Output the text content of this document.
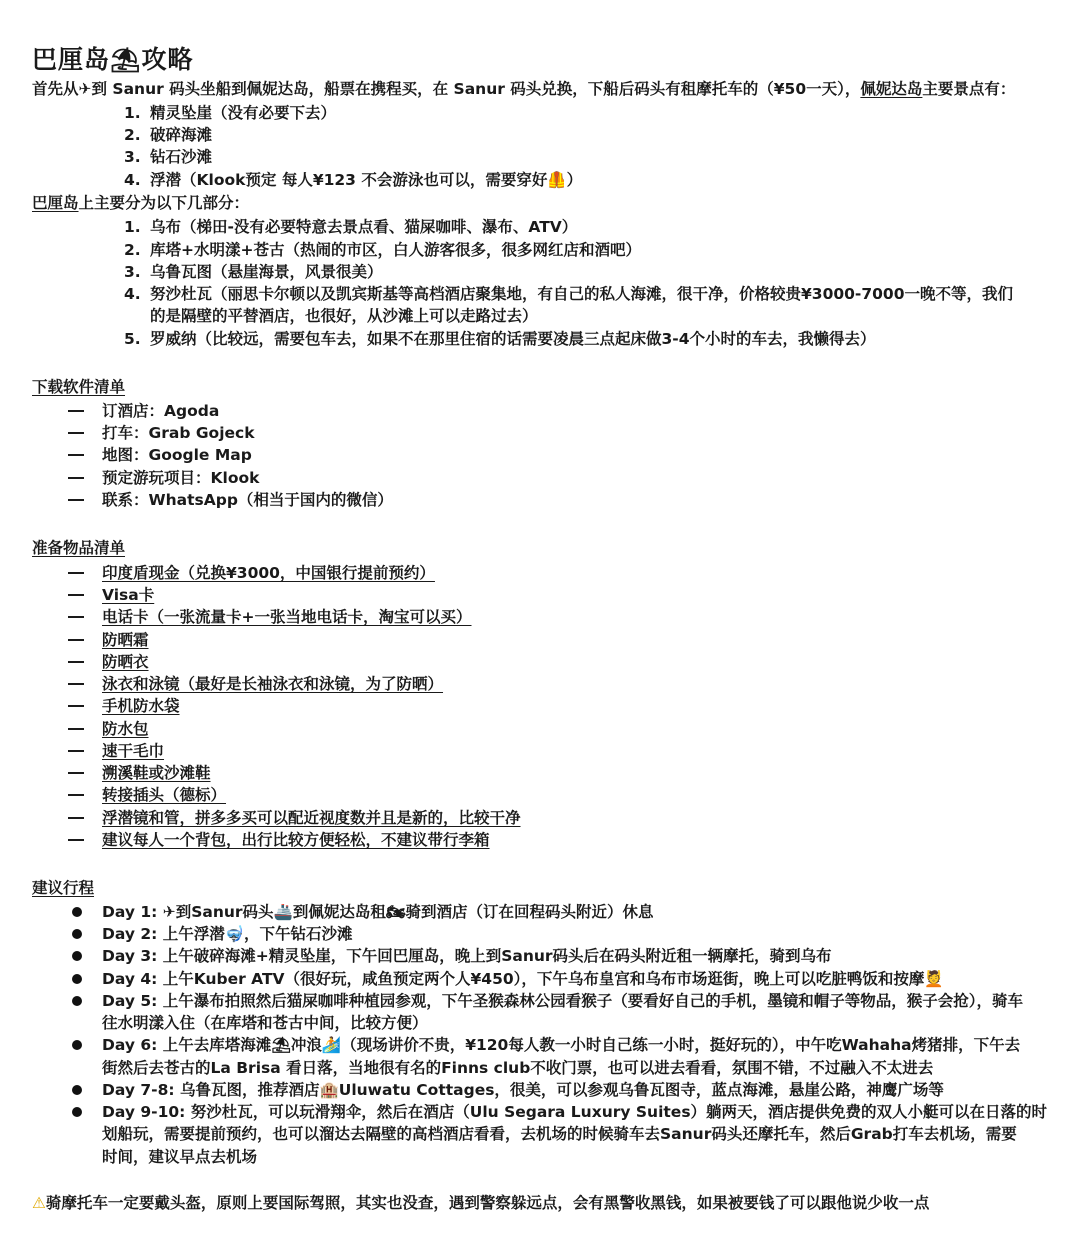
巴厘岛⛱攻略
首先从✈到 Sanur 码头坐船到佩妮达岛，船票在携程买，在 Sanur 码头兑换，下船后码头有租摩托车的（¥50一天），佩妮达岛主要景点有：
1. 精灵坠崖（没有必要下去）
2. 破碎海滩
3. 钻石沙滩
4. 浮潜（Klook预定 每人¥123 不会游泳也可以，需要穿好🦺）
巴厘岛上主要分为以下几部分：
1. 乌布（梯田-没有必要特意去景点看、猫屎咖啡、瀑布、ATV）
2. 库塔+水明漾+苍古（热闹的市区，白人游客很多，很多网红店和酒吧）
3. 乌鲁瓦图（悬崖海景，风景很美）
4. 努沙杜瓦（丽思卡尔顿以及凯宾斯基等高档酒店聚集地，有自己的私人海滩，很干净，价格较贵¥3000-7000一晚不等，我们
的是隔壁的平替酒店，也很好，从沙滩上可以走路过去）
5. 罗威纳（比较远，需要包车去，如果不在那里住宿的话需要凌晨三点起床做3-4个小时的车去，我懒得去）
下载软件清单
订酒店：Agoda
打车：Grab Gojeck
地图：Google Map
预定游玩项目：Klook
联系：WhatsApp（相当于国内的微信）
准备物品清单
印度盾现金（兑换¥3000，中国银行提前预约）
Visa卡
电话卡（一张流量卡+一张当地电话卡，淘宝可以买）
防晒霜
防晒衣
泳衣和泳镜（最好是长袖泳衣和泳镜，为了防晒）
手机防水袋
防水包
速干毛巾
溯溪鞋或沙滩鞋
转接插头（德标）
浮潜镜和管，拼多多买可以配近视度数并且是新的，比较干净
建议每人一个背包，出行比较方便轻松，不建议带行李箱
建议行程
Day 1: ✈到Sanur码头🚢到佩妮达岛租🏍骑到酒店（订在回程码头附近）休息
Day 2: 上午浮潜🤿，下午钻石沙滩
Day 3: 上午破碎海滩+精灵坠崖，下午回巴厘岛，晚上到Sanur码头后在码头附近租一辆摩托，骑到乌布
Day 4: 上午Kuber ATV（很好玩，咸鱼预定两个人¥450），下午乌布皇宫和乌布市场逛街，晚上可以吃脏鸭饭和按摩💆
Day 5: 上午瀑布拍照然后猫屎咖啡种植园参观，下午圣猴森林公园看猴子（要看好自己的手机，墨镜和帽子等物品，猴子会抢），骑车
往水明漾入住（在库塔和苍古中间，比较方便）
Day 6: 上午去库塔海滩⛱冲浪🏄（现场讲价不贵，¥120每人教一小时自己练一小时，挺好玩的），中午吃Wahaha烤猪排，下午去
街然后去苍古的La Brisa 看日落，当地很有名的Finns club不收门票，也可以进去看看，氛围不错，不过融入不太进去
Day 7-8: 乌鲁瓦图，推荐酒店🏨Uluwatu Cottages，很美，可以参观乌鲁瓦图寺，蓝点海滩，悬崖公路，神鹰广场等
Day 9-10: 努沙杜瓦，可以玩滑翔伞，然后在酒店（Ulu Segara Luxury Suites）躺两天，酒店提供免费的双人小艇可以在日落的时
划船玩，需要提前预约，也可以溜达去隔壁的高档酒店看看，去机场的时候骑车去Sanur码头还摩托车，然后Grab打车去机场，需要
时间，建议早点去机场
⚠骑摩托车一定要戴头盔，原则上要国际驾照，其实也没查，遇到警察躲远点，会有黑警收黑钱，如果被要钱了可以跟他说少收一点
